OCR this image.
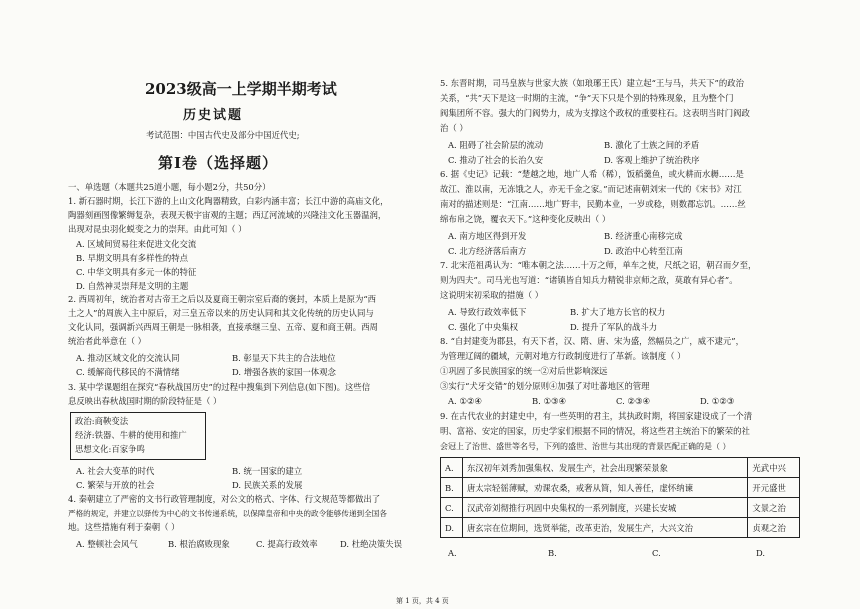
2023级高一上学期半期考试
历史试题
考试范围：中国古代史及部分中国近代史;
第Ⅰ卷（选择题）
一、单选题（本题共25道小题，每小题2分，共50分）
1. 新石器时期，长江下游的上山文化陶器精致，白彩内涵丰富；长江中游的高庙文化，
陶器刻画图像繁缛复杂，表现天极宇宙观的主题；西辽河流域的兴隆洼文化玉器温润，
出现对昆虫羽化蜕变之力的崇拜。由此可知（ ）
A. 区域间贸易往来促进文化交流
B. 早期文明具有多样性的特点
C. 中华文明具有多元一体的特征
D. 自然神灵崇拜是文明的主题
2. 西周初年，统治者对古帝王之后以及夏商王朝宗室后裔的褒封，本质上是原为“西
土之人”的周族入主中原后，对三皇五帝以来的历史认同和其文化传统的历史认同与
文化认同，强调新兴西周王朝是一脉相袭，直接承继三皇、五帝、夏和商王朝。西周
统治者此举意在（ ）
A. 推动区域文化的交流认同	B. 彰显天下共主的合法地位
C. 缓解商代移民的不满情绪	D. 增强各族的家国一体观念
3. 某中学课题组在探究“春秋战国历史”的过程中搜集到下列信息(如下图)。这些信
息反映出春秋战国时期的阶段特征是（ ）
政治:商鞅变法
经济:铁器、牛耕的使用和推广
思想文化:百家争鸣
A. 社会大变革的时代	B. 统一国家的建立
C. 繁荣与开放的社会	D. 民族关系的发展
4. 秦朝建立了严密的文书行政管理制度，对公文的格式、字体、行文规范等都做出了
严格的规定，并建立以驿传为中心的文书传递系统，以保障皇帝和中央的政令能够传递到全国各
地。这些措施有利于秦朝（ ）
A. 整顿社会风气	B. 根治腐败现象	C. 提高行政效率	D. 杜绝决策失误
5. 东晋时期，司马皇族与世家大族（如琅琊王氏）建立起“王与马，共天下”的政治
关系，“共”天下是这一时期的主流，“争”天下只是个别的特殊现象，且为整个门
阀集团所不容。强大的门阀势力，成为支撑这个政权的重要柱石。这表明当时门阀政
治（ ）
A. 阻碍了社会阶层的流动	B. 激化了士族之间的矛盾
C. 推动了社会的长治久安	D. 客观上维护了统治秩序
6. 据《史记》记载：“楚越之地，地广人希（稀），饭稻羹鱼，或火耕而水耨……是
故江、淮以南，无冻饿之人，亦无千金之家。”而记述南朝刘宋一代的《宋书》对江
南对的描述则是：“江南……地广野丰，民勤本业，一岁或稔，则数郡忘饥。……丝
绵布帛之饶，覆衣天下。”这种变化反映出（ ）
A. 南方地区得到开发	B. 经济重心南移完成
C. 北方经济落后南方	D. 政治中心转至江南
7. 北宋范祖禹认为：“唯本朝之法……十万之师，单车之使，尺纸之诏，朝召而夕至，
则为四夫”。司马光也写道：“诸镇皆自知兵力精锐非京师之敌，莫敢有异心者”。
这说明宋初采取的措施（ ）
A. 导致行政效率低下	B. 扩大了地方长官的权力
C. 强化了中央集权	D. 提升了军队的战斗力
8. “自封建变为郡县，有天下者，汉、隋、唐、宋为盛，然幅员之广，威不逮元”，
为管理辽阔的疆域，元朝对地方行政制度进行了革新。该制度（ ）
①巩固了多民族国家的统一②对后世影响深远
③实行“犬牙交错”的划分原则④加强了对吐蕃地区的管理
A. ①②④	B. ①③④	C. ②③④	D. ①②③
9. 在古代农业的封建史中，有一些英明的君主，其执政时期，将国家建设成了一个清
明、富裕、安定的国家，历史学家们根据不同的情况，将这些君主统治下的繁荣的社
会冠上了治世、盛世等名号，下列的盛世、治世与其出现的背景匹配正确的是（ ）
A.	东汉初年刘秀加强集权、发展生产，社会出现繁荣景象	光武中兴
B.	唐太宗轻徭薄赋，劝课农桑，戒奢从简，知人善任，虚怀纳谏	开元盛世
C.	汉武帝刘彻推行巩固中央集权的一系列制度，兴建长安城	文景之治
D.	唐玄宗在位期间，选贤举能，改革吏治，发展生产，大兴文治	贞观之治
A.	B.	C.	D.
第 1 页，共 4 页
